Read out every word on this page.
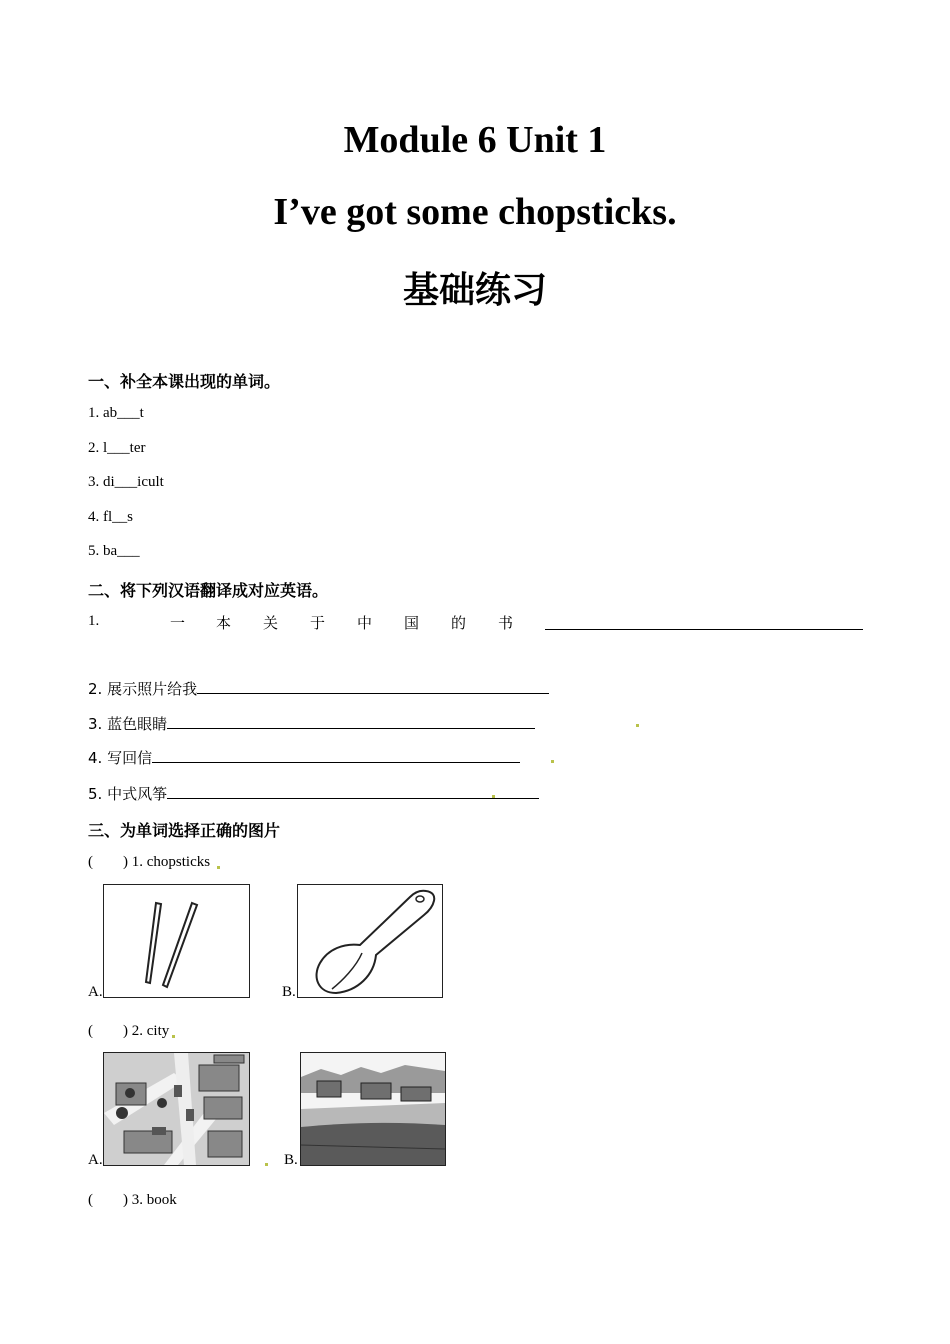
Module 6 Unit 1
I’ve got some chopsticks.
基础练习
一、补全本课出现的单词。
1. ab___t
2. l___ter
3. di___icult
4. fl__s
5. ba___
二、将下列汉语翻译成对应英语。
1.	一 本 关 于 中 国 的 书
2. 展示照片给我
3. 蓝色眼睛
4. 写回信
5. 中式风筝
三、为单词选择正确的图片
(        ) 1. chopsticks
A.	B.
(        ) 2. city
A.	B.
(        ) 3. book
